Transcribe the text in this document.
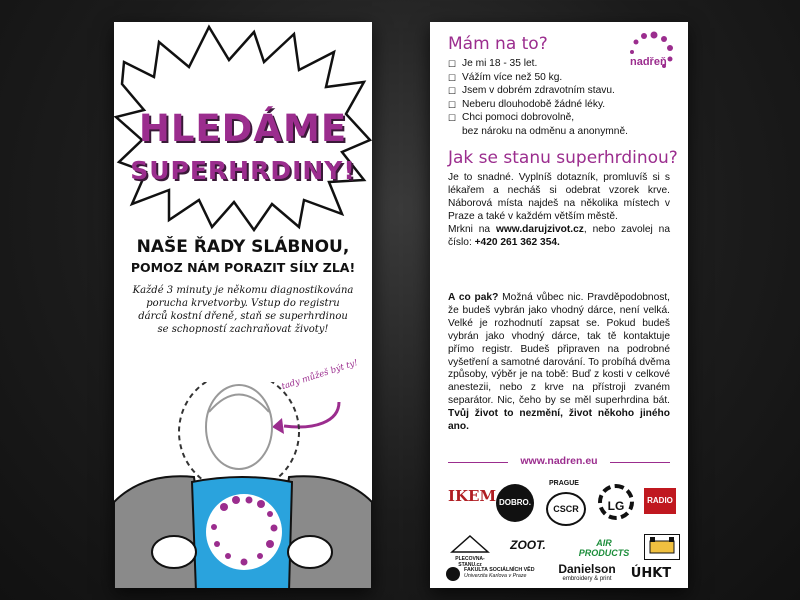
HLEDÁME
SUPERHRDINY!
NAŠE ŘADY SLÁBNOU,
POMOZ NÁM PORAZIT SÍLY ZLA!
Každé 3 minuty je někomu diagnostikována
porucha krvetvorby. Vstup do registru
dárců kostní dřeně, staň se superhrdinou
se schopností zachraňovat životy!
tady můžeš být ty!
nadřeň
Mám na to?
nadřeň
☐
Je mi 18 - 35 let.
☐
Vážím více než 50 kg.
☐
Jsem v dobrém zdravotním stavu.
☐
Neberu dlouhodobě žádné léky.
☐
Chci pomoci dobrovolně,
bez nároku na odměnu a anonymně.
Jak se stanu superhrdinou?
Je to snadné. Vyplníš dotazník, promluvíš si s lékařem a necháš si odebrat vzorek krve. Náborová místa najdeš na několika místech v Praze a také v každém větším městě.
Mrkni na www.darujzivot.cz, nebo zavolej na číslo: +420 261 362 354.
A co pak? Možná vůbec nic. Pravděpodobnost, že budeš vybrán jako vhodný dárce, není velká. Velké je rozhodnutí zapsat se. Pokud budeš vybrán jako vhodný dárce, tak tě kontaktuje přímo registr. Budeš připraven na podrobné vyšetření a samotné darování. To probíhá dvěma způsoby, výběr je na tobě: Buď z kosti v celkové anestezii, nebo z krve na přístroji zvaném separátor. Nic, čeho by se měl superhrdina bát. Tvůj život to nezmění, život někoho jiného ano.
www.nadren.eu
IKEM DOBRO.
PRAGUE
CSCR	LG	RADIO 1
PLECOVNA-STANU.cz
ZOOT.	AIR PRODUCTS
FAKULTA SOCIÁLNÍCH VĚD
Univerzita Karlova v Praze	Danielson
embroidery & print	ÚHKT
